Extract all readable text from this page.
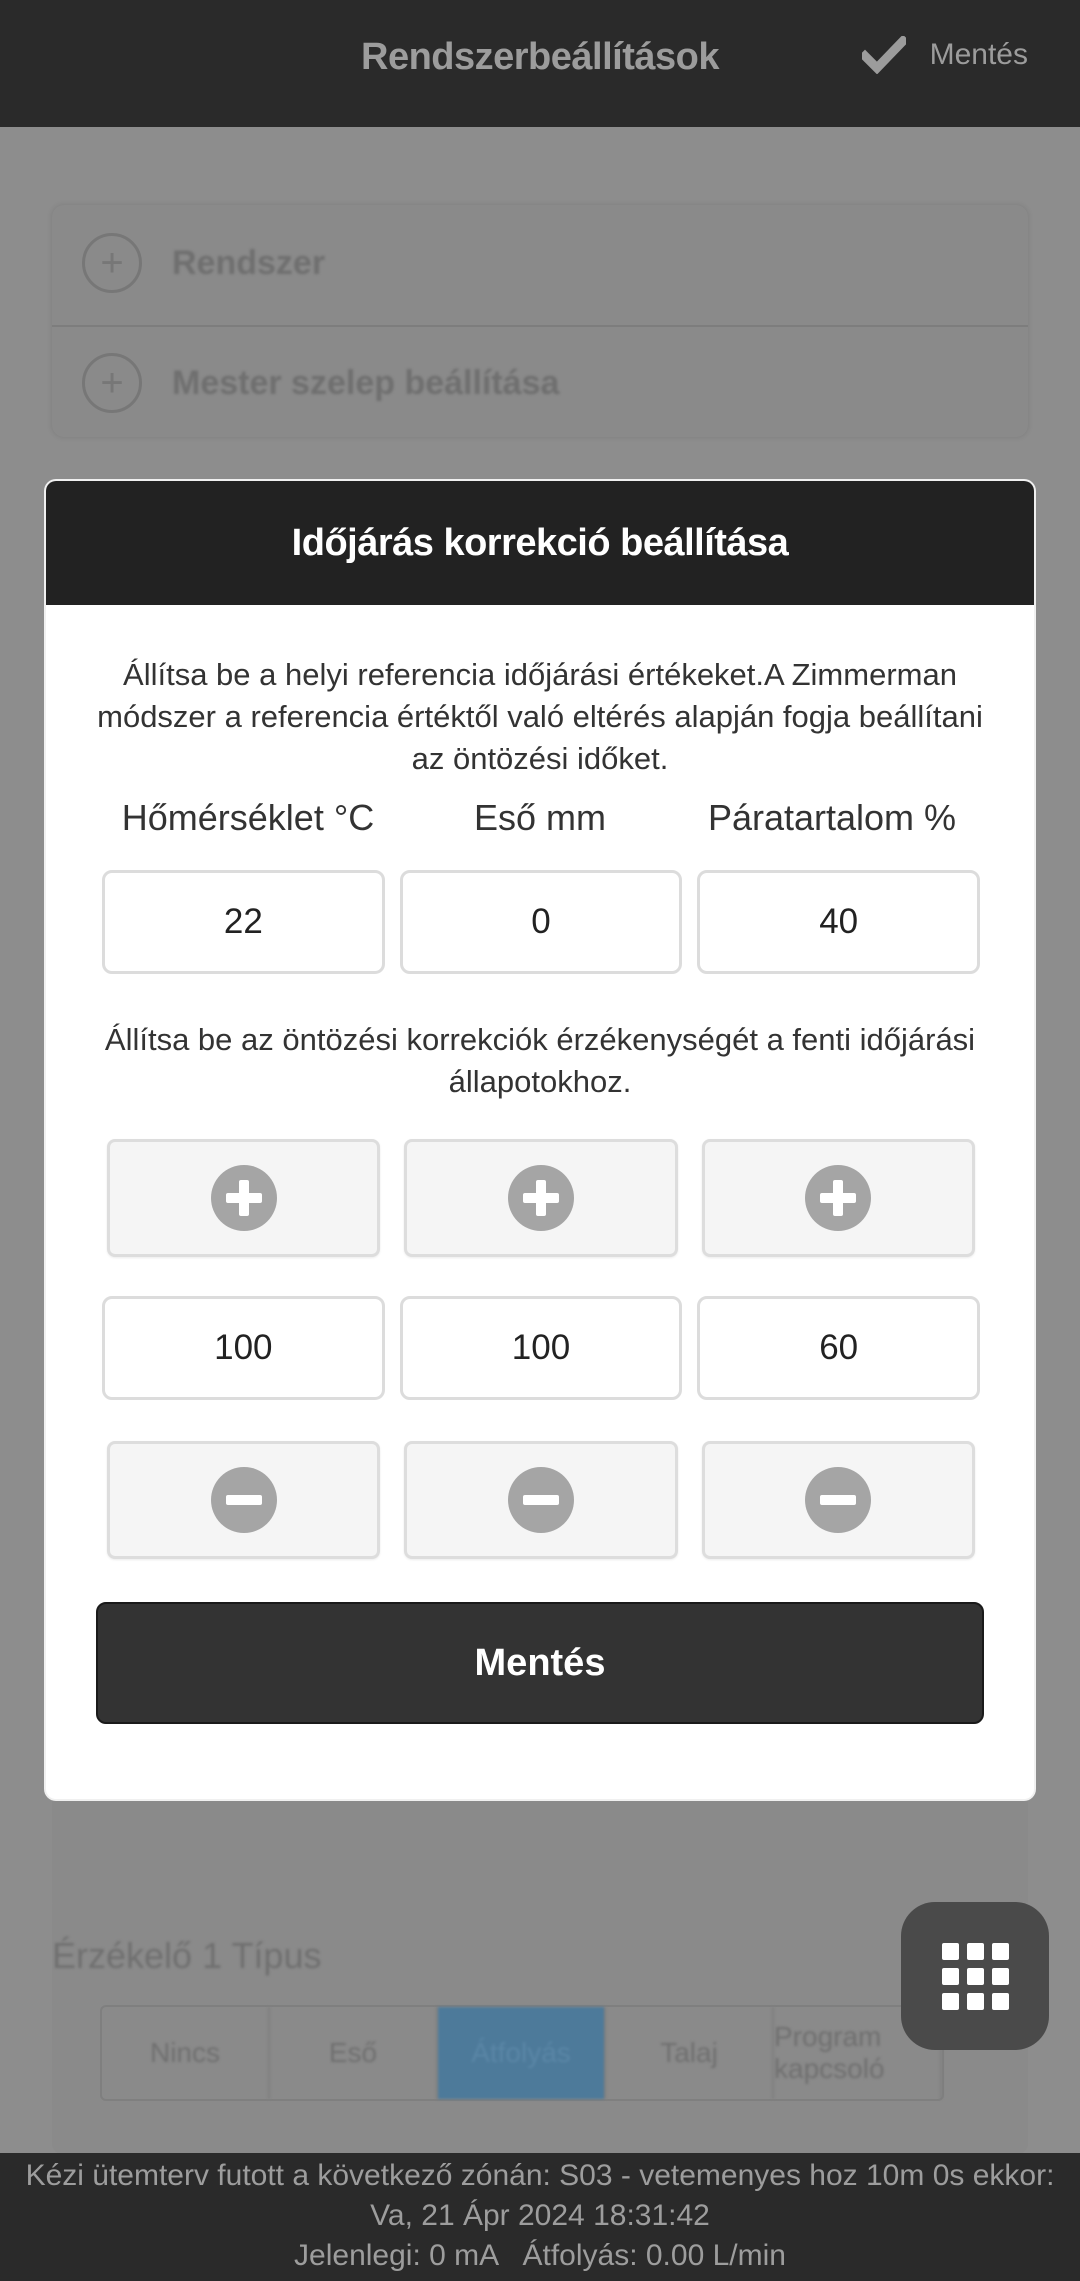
Rendszerbeállítások	Mentés
+	Rendszer
+	Mester szelep beállítása
Érzékelő 1 Típus
Nincs	Eső	Átfolyás	Talaj
Program kapcsoló
Időjárás korrekció beállítása
Állítsa be a helyi referencia időjárási értékeket.A Zimmerman módszer a referencia értéktől való eltérés alapján fogja beállítani az öntözési időket.
Hőmérséklet °C	Eső mm	Páratartalom %
22	0	40
Állítsa be az öntözési korrekciók érzékenységét a fenti időjárási állapotokhoz.
100	100	60
Mentés
Kézi ütemterv futott a következő zónán: S03 - vetemenyes hoz 10m 0s ekkor:
Va, 21 Ápr 2024 18:31:42
Jelenlegi: 0 mA   Átfolyás: 0.00 L/min
